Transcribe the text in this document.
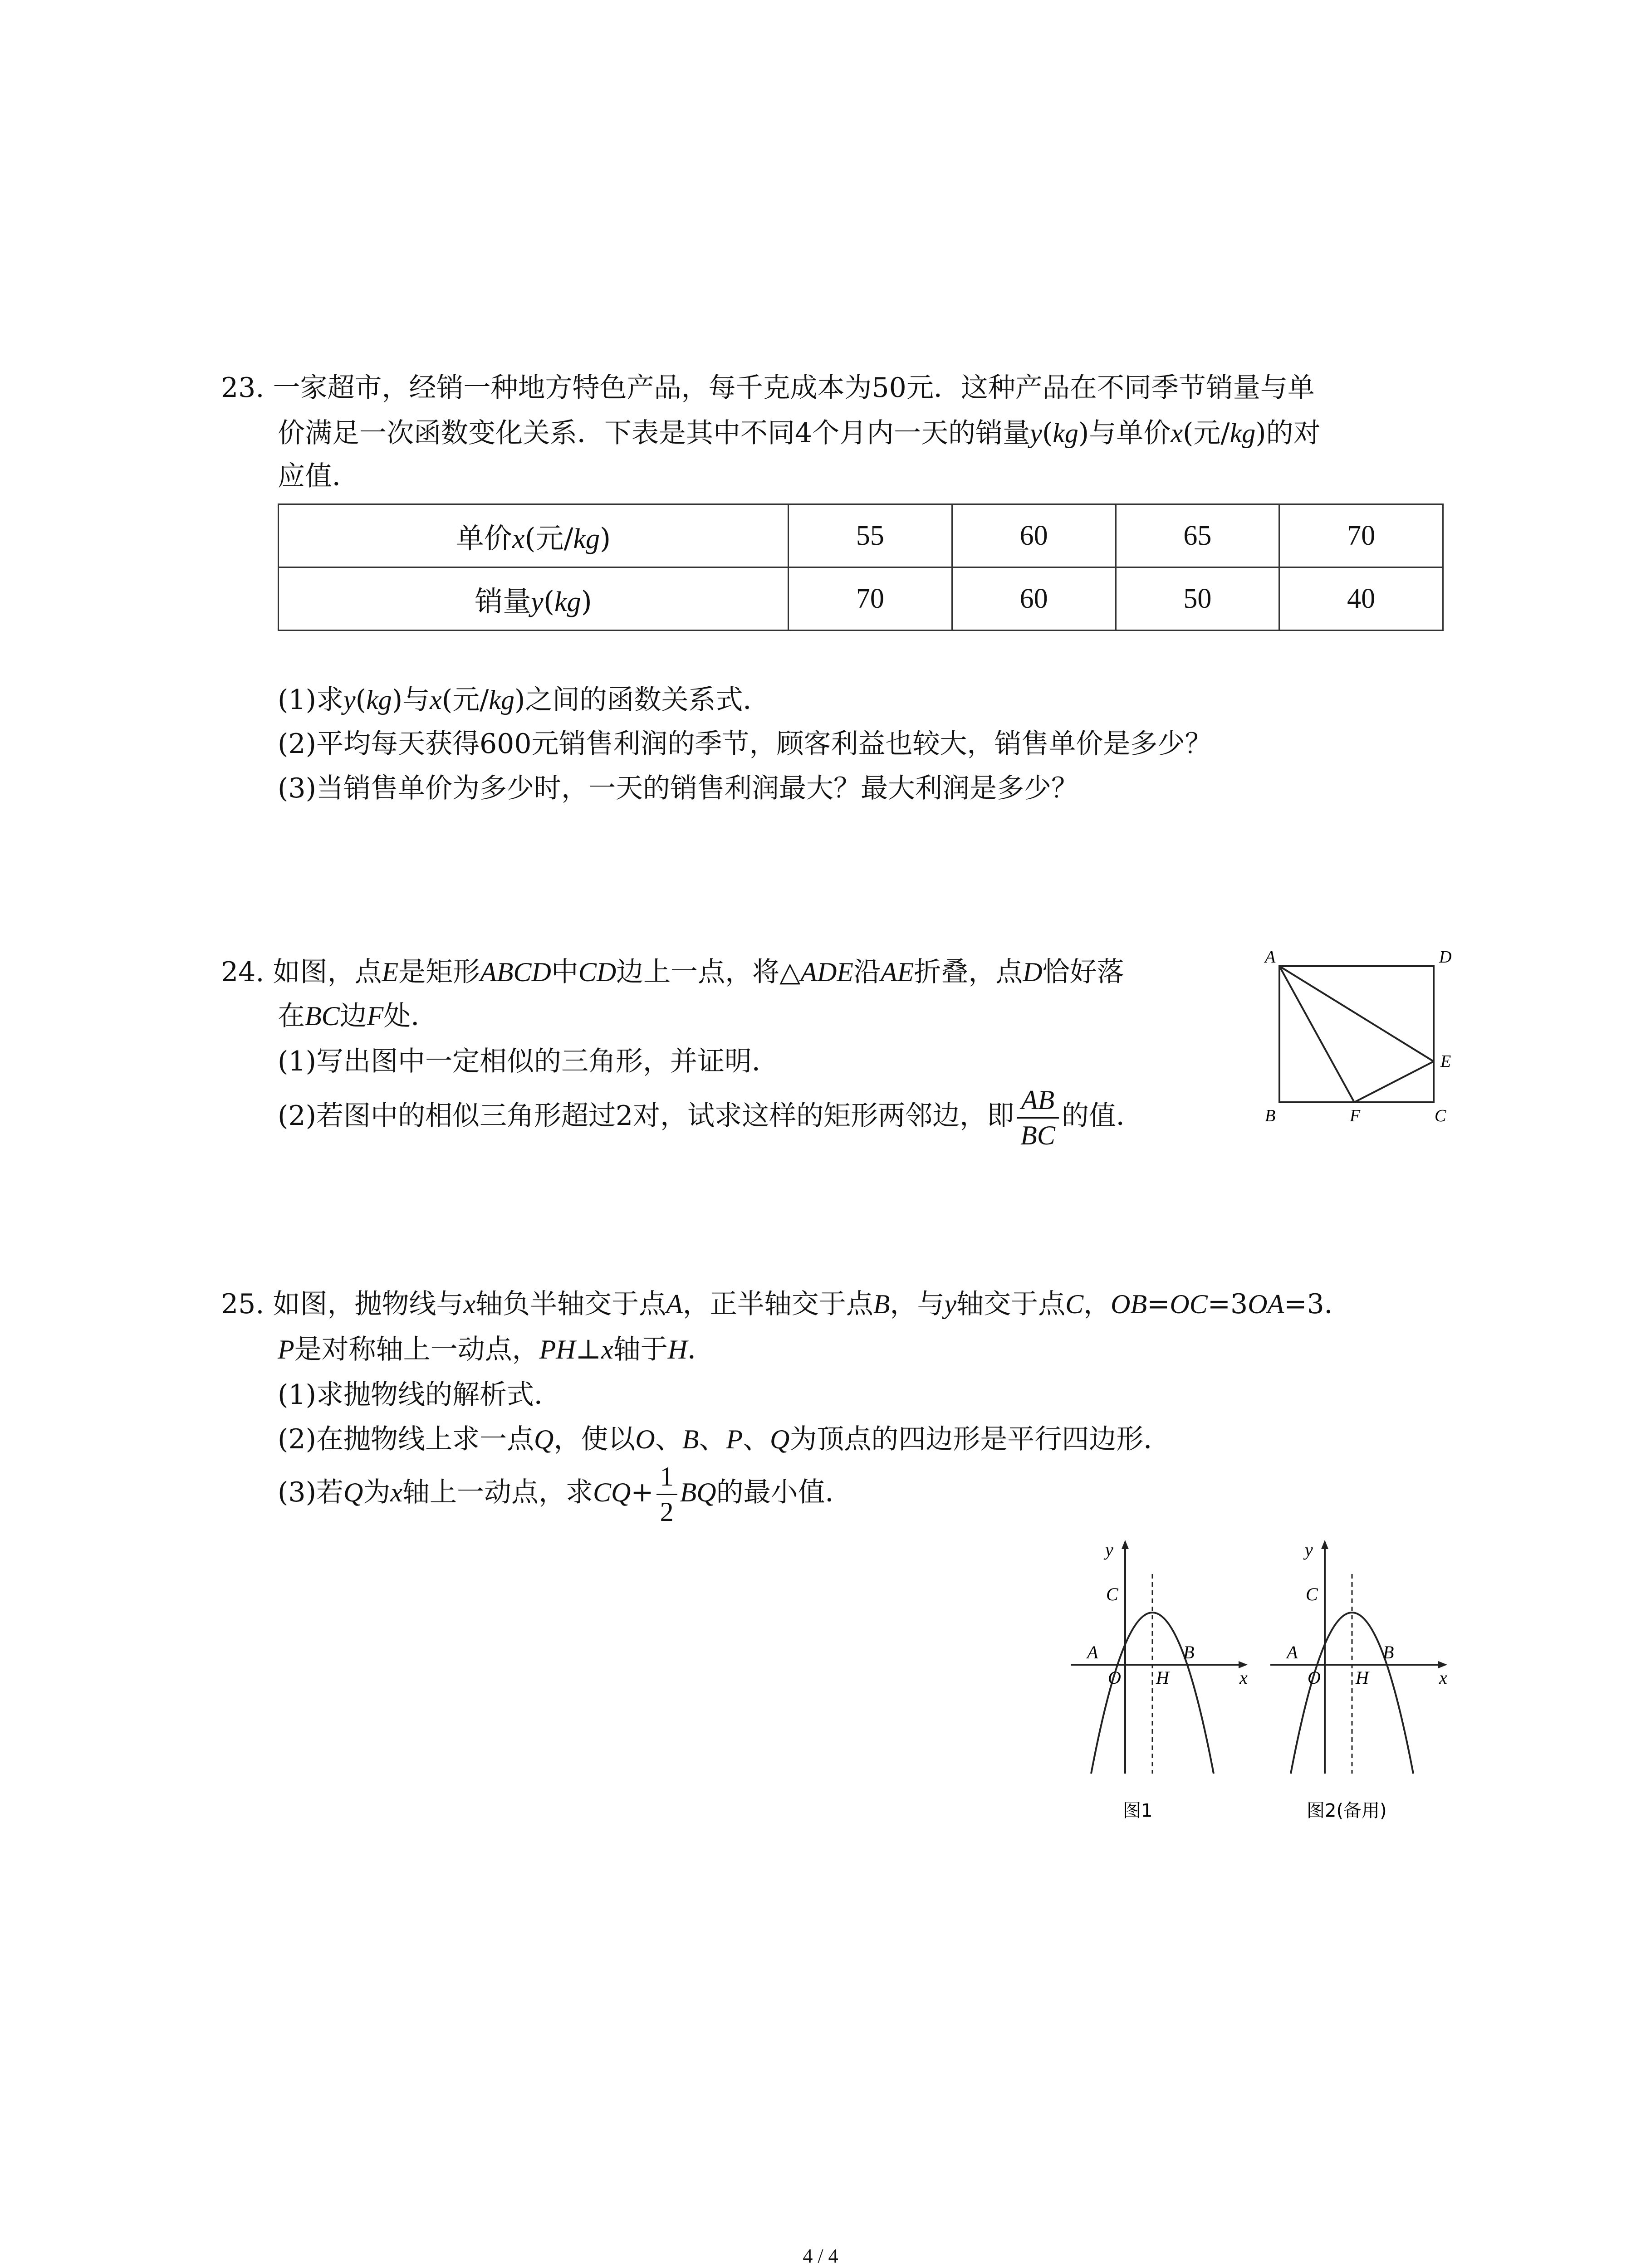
23. 一家超市，经销一种地方特色产品，每千克成本为50元．这种产品在不同季节销量与单
价满足一次函数变化关系．下表是其中不同4个月内一天的销量y(kg)与单价x(元/kg)的对
应值．
单价x(元/kg)	55	60	65	70
销量y(kg)	70	60	50	40
(1)求y(kg)与x(元/kg)之间的函数关系式．
(2)平均每天获得600元销售利润的季节，顾客利益也较大，销售单价是多少？
(3)当销售单价为多少时，一天的销售利润最大？最大利润是多少？
24. 如图，点E是矩形ABCD中CD边上一点，将△ADE沿AE折叠，点D恰好落
在BC边F处．
(1)写出图中一定相似的三角形，并证明．
(2)若图中的相似三角形超过2对，试求这样的矩形两邻边，即 $\frac{AB}{BC}$ 的值．
A	D
E
B	F	C
25. 如图，抛物线与x轴负半轴交于点A，正半轴交于点B，与y轴交于点C，OB=OC=3OA=3．
P是对称轴上一动点，PH⊥x轴于H．
(1)求抛物线的解析式．
(2)在抛物线上求一点Q，使以O、B、P、Q为顶点的四边形是平行四边形．
(3)若Q为x轴上一动点，求$CQ+ \frac{1}{2}$ BQ的最小值．
y
x
C
A
O H
B
图1
y
x
C
A
O H
B
图2(备用)
4 / 4
